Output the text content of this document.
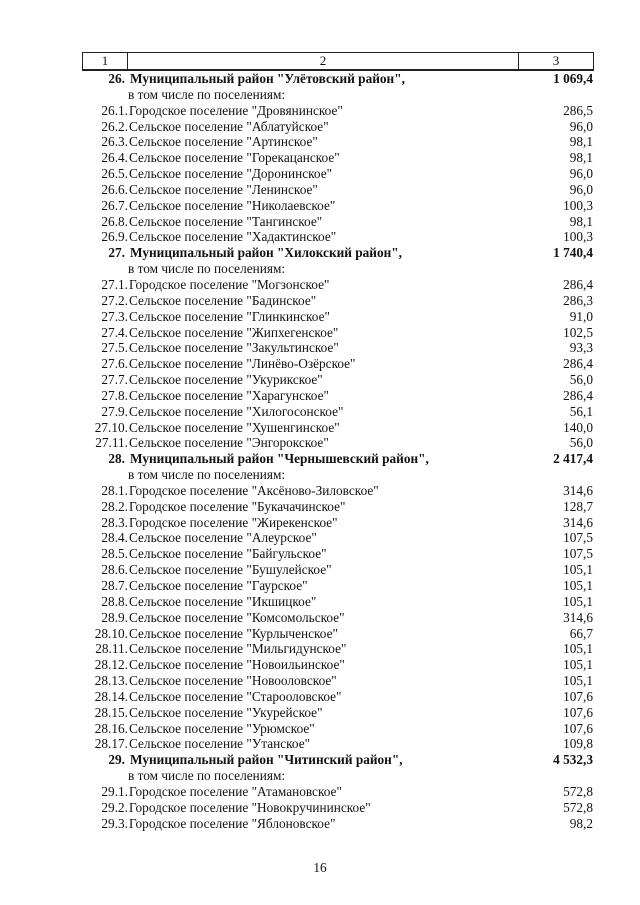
1	2	3
26. Муниципальный район "Улётовский район",	1 069,4
в том числе по поселениям:
26.1. Городское поселение "Дровянинское"	286,5
26.2. Сельское поселение "Аблатуйское"	96,0
26.3. Сельское поселение "Артинское"	98,1
26.4. Сельское поселение "Горекацанское"	98,1
26.5. Сельское поселение "Доронинское"	96,0
26.6. Сельское поселение "Ленинское"	96,0
26.7. Сельское поселение "Николаевское"	100,3
26.8. Сельское поселение "Тангинское"	98,1
26.9. Сельское поселение "Хадактинское"	100,3
27. Муниципальный район "Хилокский район",	1 740,4
в том числе по поселениям:
27.1. Городское поселение "Могзонское"	286,4
27.2. Сельское поселение "Бадинское"	286,3
27.3. Сельское поселение "Глинкинское"	91,0
27.4. Сельское поселение "Жипхегенское"	102,5
27.5. Сельское поселение "Закультинское"	93,3
27.6. Сельское поселение "Линёво-Озёрское"	286,4
27.7. Сельское поселение "Укурикское"	56,0
27.8. Сельское поселение "Харагунское"	286,4
27.9. Сельское поселение "Хилогосонское"	56,1
27.10. Сельское поселение "Хушенгинское"	140,0
27.11. Сельское поселение "Энгорокское"	56,0
28. Муниципальный район "Чернышевский район",	2 417,4
в том числе по поселениям:
28.1. Городское поселение "Аксёново-Зиловское"	314,6
28.2. Городское поселение "Букачачинское"	128,7
28.3. Городское поселение "Жирекенское"	314,6
28.4. Сельское поселение "Алеурское"	107,5
28.5. Сельское поселение "Байгульское"	107,5
28.6. Сельское поселение "Бушулейское"	105,1
28.7. Сельское поселение "Гаурское"	105,1
28.8. Сельское поселение "Икшицкое"	105,1
28.9. Сельское поселение "Комсомольское"	314,6
28.10. Сельское поселение "Курлыченское"	66,7
28.11. Сельское поселение "Мильгидунское"	105,1
28.12. Сельское поселение "Новоильинское"	105,1
28.13. Сельское поселение "Новооловское"	105,1
28.14. Сельское поселение "Старооловское"	107,6
28.15. Сельское поселение "Укурейское"	107,6
28.16. Сельское поселение "Урюмское"	107,6
28.17. Сельское поселение "Утанское"	109,8
29. Муниципальный район "Читинский район",	4 532,3
в том числе по поселениям:
29.1. Городское поселение "Атамановское"	572,8
29.2. Городское поселение "Новокручининское"	572,8
29.3. Городское поселение "Яблоновское"	98,2
16
